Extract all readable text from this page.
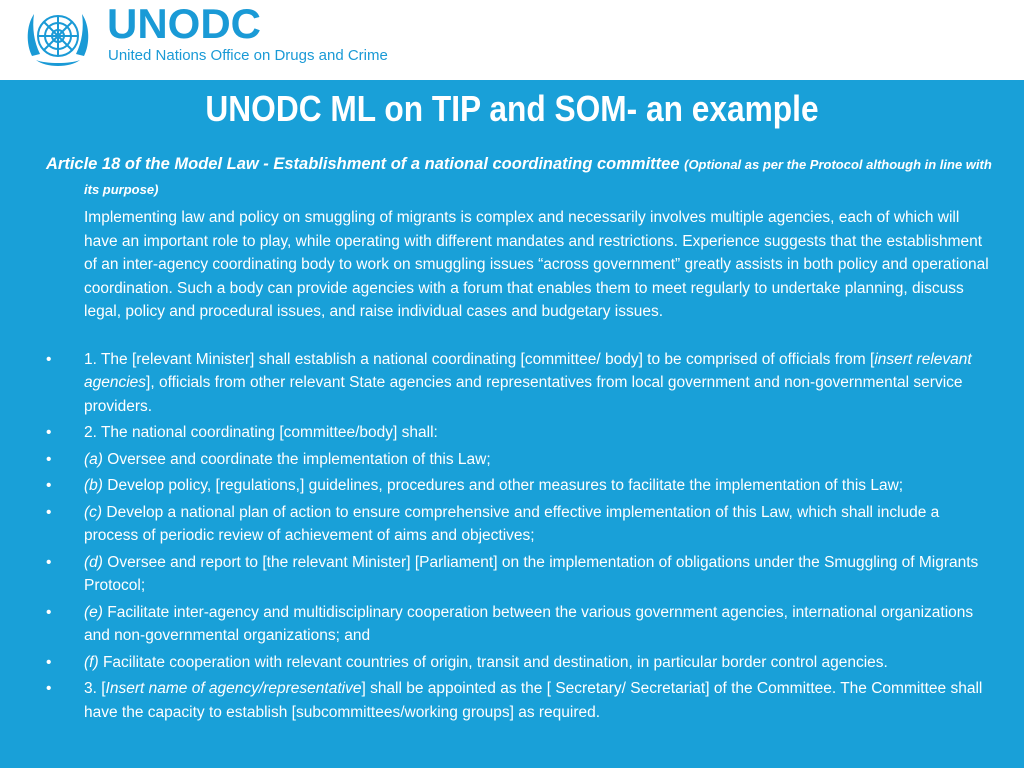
UNODC
United Nations Office on Drugs and Crime
UNODC ML on TIP and SOM- an example

Article 18 of the Model Law - Establishment of a national coordinating committee (Optional as per the Protocol although in line with its purpose)

Implementing law and policy on smuggling of migrants is complex and necessarily involves multiple agencies, each of which will have an important role to play, while operating with different mandates and restrictions. Experience suggests that the establishment of an inter-agency coordinating body to work on smuggling issues “across government” greatly assists in both policy and operational coordination. Such a body can provide agencies with a forum that enables them to meet regularly to undertake planning, discuss legal, policy and procedural issues, and raise individual cases and budgetary issues.

• 1. The [relevant Minister] shall establish a national coordinating [committee/ body] to be comprised of officials from [insert relevant agencies], officials from other relevant State agencies and representatives from local government and non-governmental service providers.
• 2. The national coordinating [committee/body] shall:
• (a) Oversee and coordinate the implementation of this Law;
• (b) Develop policy, [regulations,] guidelines, procedures and other measures to facilitate the implementation of this Law;
• (c) Develop a national plan of action to ensure comprehensive and effective implementation of this Law, which shall include a process of periodic review of achievement of aims and objectives;
• (d) Oversee and report to [the relevant Minister] [Parliament] on the implementation of obligations under the Smuggling of Migrants Protocol;
• (e) Facilitate inter-agency and multidisciplinary cooperation between the various government agencies, international organizations and non-governmental organizations; and
• (f) Facilitate cooperation with relevant countries of origin, transit and destination, in particular border control agencies.
• 3. [Insert name of agency/representative] shall be appointed as the [ Secretary/ Secretariat] of the Committee. The Committee shall have the capacity to establish [subcommittees/working groups] as required.
